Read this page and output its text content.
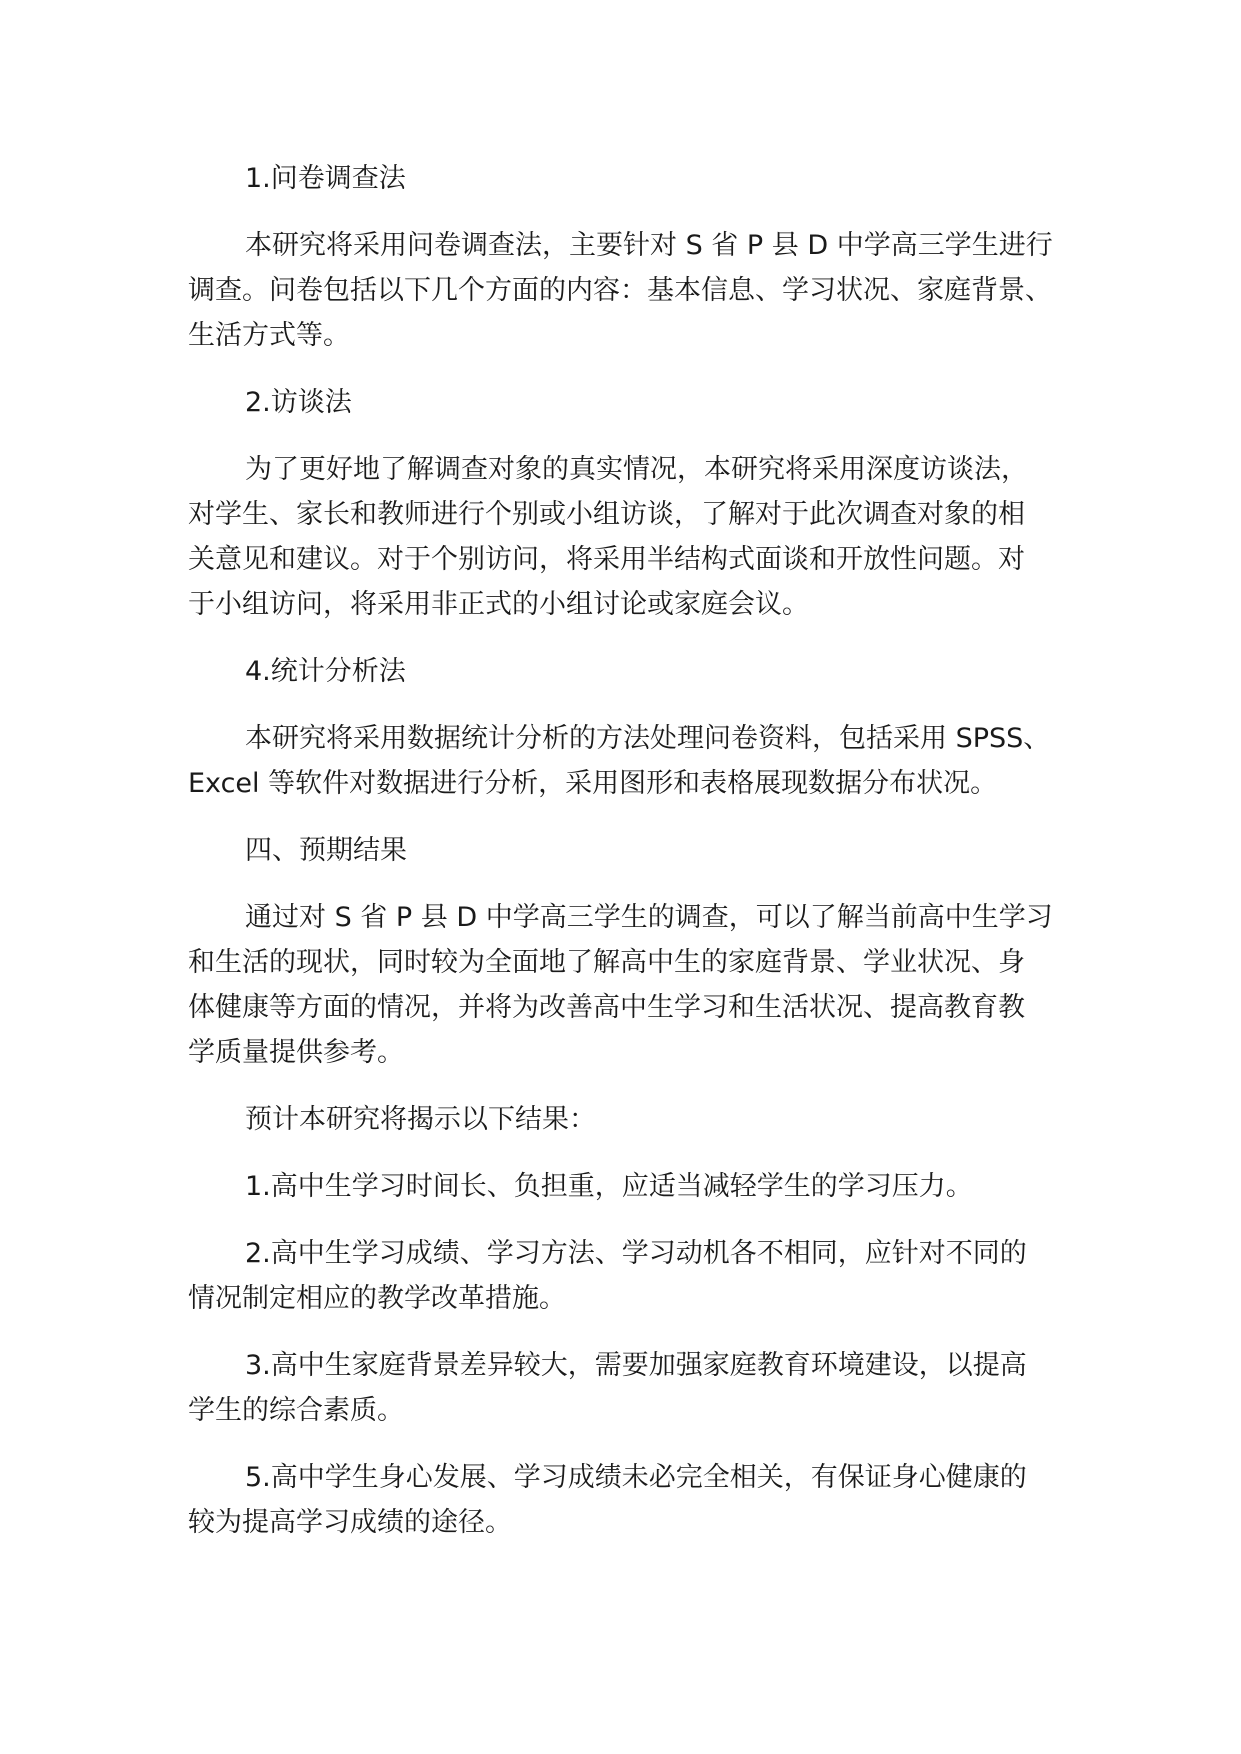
1.问卷调查法
本研究将采用问卷调查法，主要针对 S 省 P 县 D 中学高三学生进行
调查。问卷包括以下几个方面的内容：基本信息、学习状况、家庭背景、
生活方式等。
2.访谈法
为了更好地了解调查对象的真实情况，本研究将采用深度访谈法，
对学生、家长和教师进行个别或小组访谈，了解对于此次调查对象的相
关意见和建议。对于个别访问，将采用半结构式面谈和开放性问题。对
于小组访问，将采用非正式的小组讨论或家庭会议。
4.统计分析法
本研究将采用数据统计分析的方法处理问卷资料，包括采用 SPSS、
Excel 等软件对数据进行分析，采用图形和表格展现数据分布状况。
四、预期结果
通过对 S 省 P 县 D 中学高三学生的调查，可以了解当前高中生学习
和生活的现状，同时较为全面地了解高中生的家庭背景、学业状况、身
体健康等方面的情况，并将为改善高中生学习和生活状况、提高教育教
学质量提供参考。
预计本研究将揭示以下结果：
1.高中生学习时间长、负担重，应适当减轻学生的学习压力。
2.高中生学习成绩、学习方法、学习动机各不相同，应针对不同的
情况制定相应的教学改革措施。
3.高中生家庭背景差异较大，需要加强家庭教育环境建设，以提高
学生的综合素质。
5.高中学生身心发展、学习成绩未必完全相关，有保证身心健康的
较为提高学习成绩的途径。
